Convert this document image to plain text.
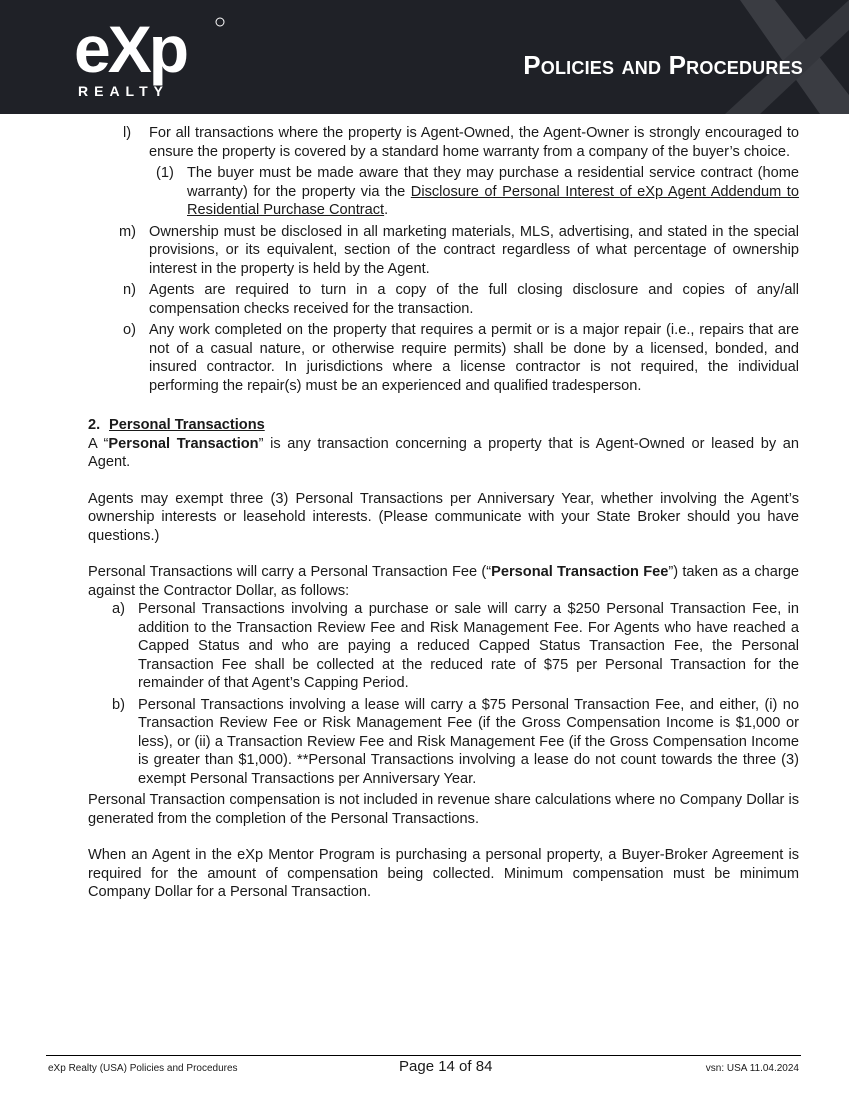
eXp
REALTY
Policies and Procedures
l)	For all transactions where the property is Agent-Owned, the Agent-Owner is strongly encouraged to ensure the property is covered by a standard home warranty from a company of the buyer’s choice.
(1) The buyer must be made aware that they may purchase a residential service contract (home warranty) for the property via the Disclosure of Personal Interest of eXp Agent Addendum to Residential Purchase Contract.
m) Ownership must be disclosed in all marketing materials, MLS, advertising, and stated in the special provisions, or its equivalent, section of the contract regardless of what percentage of ownership interest in the property is held by the Agent.
n) Agents are required to turn in a copy of the full closing disclosure and copies of any/all compensation checks received for the transaction.
o) Any work completed on the property that requires a permit or is a major repair (i.e., repairs that are not of a casual nature, or otherwise require permits) shall be done by a licensed, bonded, and insured contractor. In jurisdictions where a license contractor is not required, the individual performing the repair(s) must be an experienced and qualified tradesperson.
2. Personal Transactions

A “Personal Transaction” is any transaction concerning a property that is Agent-Owned or leased by an Agent.

Agents may exempt three (3) Personal Transactions per Anniversary Year, whether involving the Agent’s ownership interests or leasehold interests. (Please communicate with your State Broker should you have questions.)

Personal Transactions will carry a Personal Transaction Fee (“Personal Transaction Fee”) taken as a charge against the Contractor Dollar, as follows:

a) Personal Transactions involving a purchase or sale will carry a $250 Personal Transaction Fee, in addition to the Transaction Review Fee and Risk Management Fee. For Agents who have reached a Capped Status and who are paying a reduced Capped Status Transaction Fee, the Personal Transaction Fee shall be collected at the reduced rate of $75 per Personal Transaction for the remainder of that Agent’s Capping Period.
b) Personal Transactions involving a lease will carry a $75 Personal Transaction Fee, and either, (i) no Transaction Review Fee or Risk Management Fee (if the Gross Compensation Income is $1,000 or less), or (ii) a Transaction Review Fee and Risk Management Fee (if the Gross Compensation Income is greater than $1,000). **Personal Transactions involving a lease do not count towards the three (3) exempt Personal Transactions per Anniversary Year.

Personal Transaction compensation is not included in revenue share calculations where no Company Dollar is generated from the completion of the Personal Transactions.

When an Agent in the eXp Mentor Program is purchasing a personal property, a Buyer-Broker Agreement is required for the amount of compensation being collected. Minimum compensation must be minimum Company Dollar for a Personal Transaction.

eXp Realty (USA) Policies and Procedures	Page 14 of 84	vsn: USA 11.04.2024
